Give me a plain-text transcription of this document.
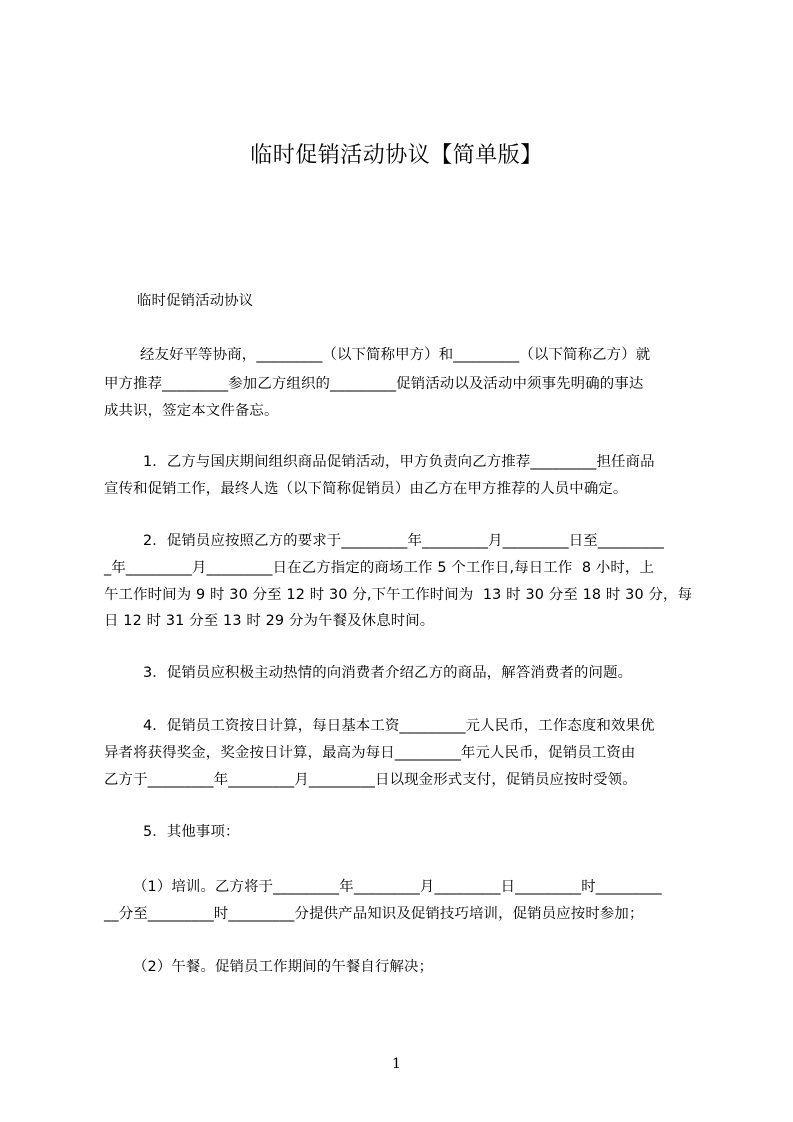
临时促销活动协议【简单版】
临时促销活动协议
经友好平等协商，_________（以下简称甲方）和_________（以下简称乙方）就
甲方推荐_________参加乙方组织的_________促销活动以及活动中须事先明确的事达
成共识，签定本文件备忘。
1．乙方与国庆期间组织商品促销活动，甲方负责向乙方推荐_________担任商品
宣传和促销工作，最终人选（以下简称促销员）由乙方在甲方推荐的人员中确定。
2．促销员应按照乙方的要求于_________年_________月_________日至_________
_年_________月_________日在乙方指定的商场工作 5 个工作日,每日工作  8 小时，上
午工作时间为 9 时 30 分至 12 时 30 分,下午工作时间为  13 时 30 分至 18 时 30 分，每
日 12 时 31 分至 13 时 29 分为午餐及休息时间。
3．促销员应积极主动热情的向消费者介绍乙方的商品，解答消费者的问题。
4．促销员工资按日计算，每日基本工资_________元人民币，工作态度和效果优
异者将获得奖金，奖金按日计算，最高为每日_________年元人民币，促销员工资由
乙方于_________年_________月_________日以现金形式支付，促销员应按时受领。
5．其他事项：
（1）培训。乙方将于_________年_________月_________日_________时_________
__分至_________时_________分提供产品知识及促销技巧培训，促销员应按时参加；
（2）午餐。促销员工作期间的午餐自行解决；
1
